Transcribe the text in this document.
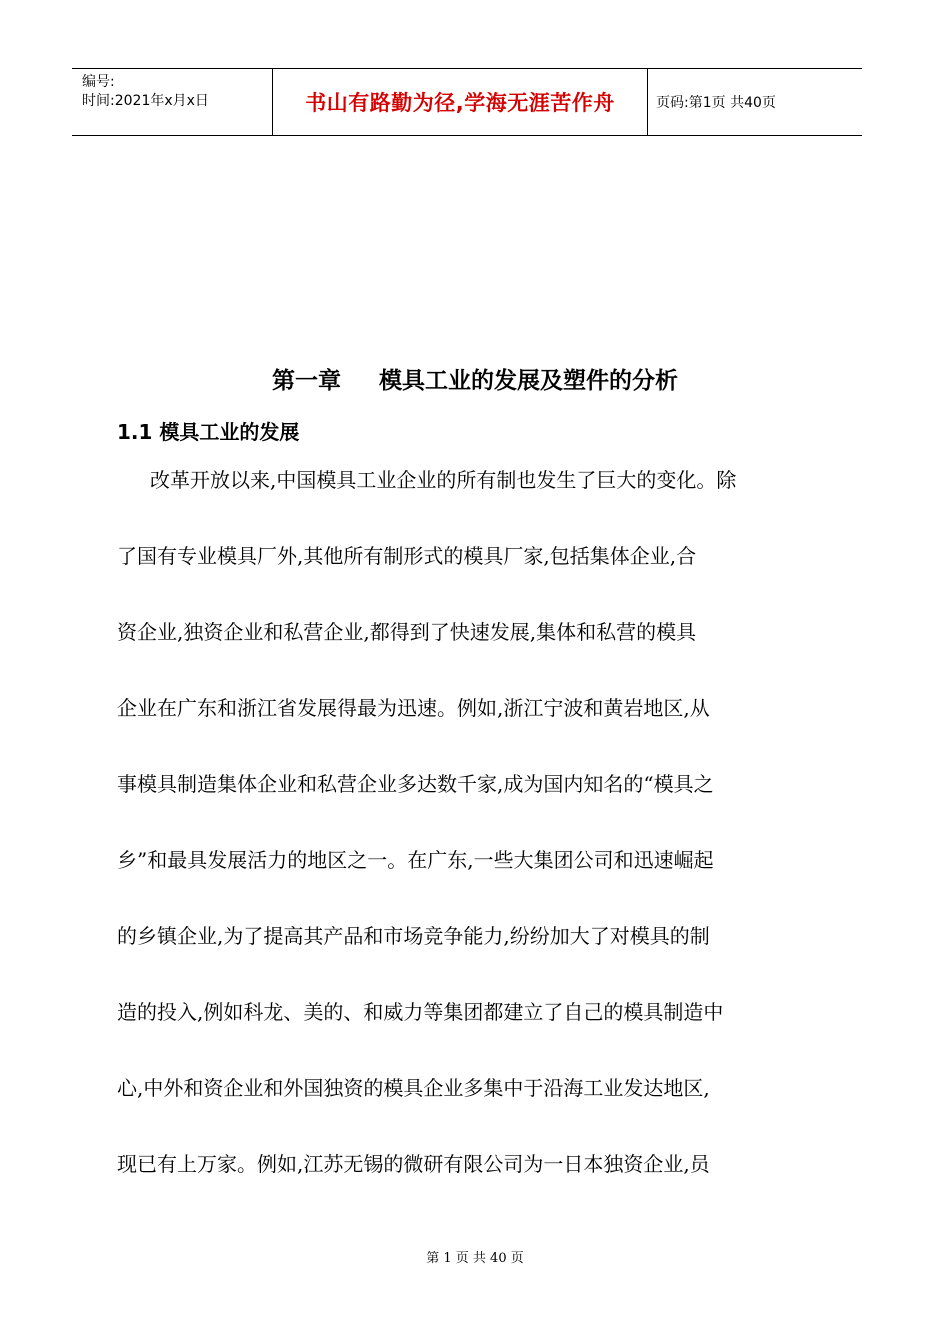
编号:
时间:2021年x月x日	书山有路勤为径,学海无涯苦作舟	页码:第1页 共40页
第一章 模具工业的发展及塑件的分析
1.1 模具工业的发展
改革开放以来,中国模具工业企业的所有制也发生了巨大的变化。除
了国有专业模具厂外,其他所有制形式的模具厂家,包括集体企业,合
资企业,独资企业和私营企业,都得到了快速发展,集体和私营的模具
企业在广东和浙江省发展得最为迅速。例如,浙江宁波和黄岩地区,从
事模具制造集体企业和私营企业多达数千家,成为国内知名的“模具之
乡”和最具发展活力的地区之一。在广东,一些大集团公司和迅速崛起
的乡镇企业,为了提高其产品和市场竞争能力,纷纷加大了对模具的制
造的投入,例如科龙、美的、和威力等集团都建立了自己的模具制造中
心,中外和资企业和外国独资的模具企业多集中于沿海工业发达地区,
现已有上万家。例如,江苏无锡的微研有限公司为一日本独资企业,员
第 1 页 共 40 页
